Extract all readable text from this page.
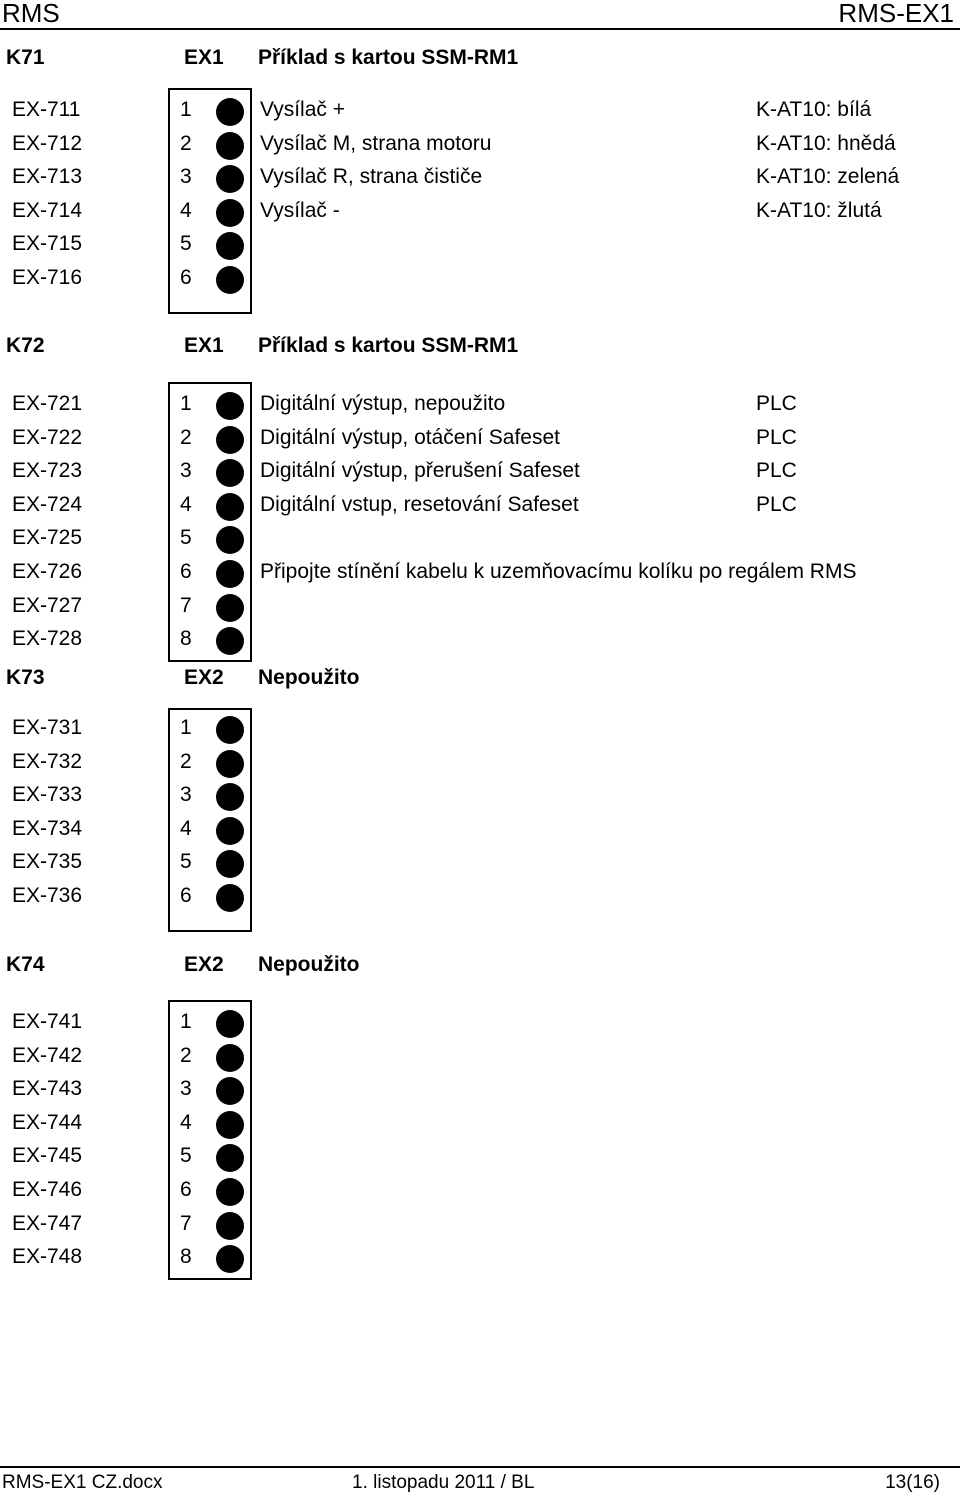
RMS	RMS-EX1
K71	EX1 Příklad s kartou SSM-RM1
EX-711	1	Vysílač +	K-AT10: bílá
EX-712	2	Vysílač M, strana motoru	K-AT10: hnědá
EX-713	3	Vysílač R, strana čističe	K-AT10: zelená
EX-714	4	Vysílač -	K-AT10: žlutá
EX-715	5
EX-716	6
K72	EX1 Příklad s kartou SSM-RM1
EX-721	1	Digitální výstup, nepoužito	PLC
EX-722	2	Digitální výstup, otáčení Safeset	PLC
EX-723	3	Digitální výstup, přerušení Safeset	PLC
EX-724	4	Digitální vstup, resetování Safeset	PLC
EX-725	5
EX-726	6	Připojte stínění kabelu k uzemňovacímu kolíku po regálem RMS
EX-727	7
EX-728	8
K73	EX2 Nepoužito
EX-731	1
EX-732	2
EX-733	3
EX-734	4
EX-735	5
EX-736	6
K74	EX2 Nepoužito
EX-741	1
EX-742	2
EX-743	3
EX-744	4
EX-745	5
EX-746	6
EX-747	7
EX-748	8
RMS-EX1 CZ.docx	1. listopadu 2011 / BL	13(16)
